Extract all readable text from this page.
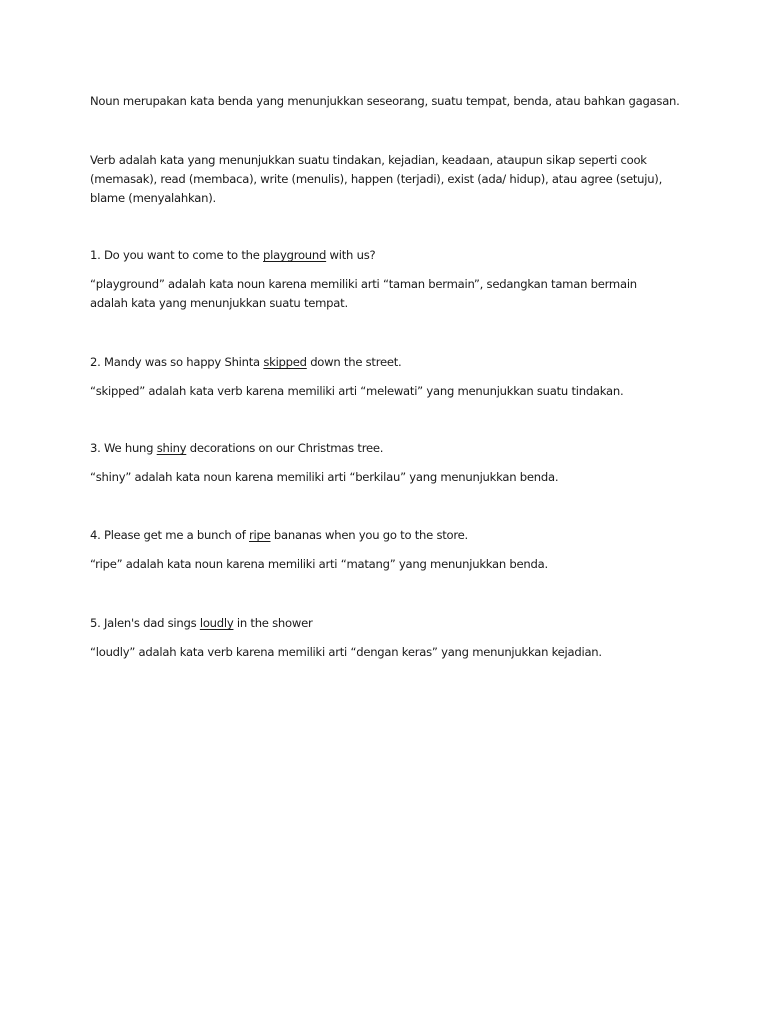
Noun merupakan kata benda yang menunjukkan seseorang, suatu tempat, benda, atau bahkan gagasan.

Verb adalah kata yang menunjukkan suatu tindakan, kejadian, keadaan, ataupun sikap seperti cook

(memasak), read (membaca), write (menulis), happen (terjadi), exist (ada/ hidup), atau agree (setuju),

blame (menyalahkan).

1. Do you want to come to the playground with us?

“playground” adalah kata noun karena memiliki arti “taman bermain”, sedangkan taman bermain

adalah kata yang menunjukkan suatu tempat.

2. Mandy was so happy Shinta skipped down the street.

“skipped” adalah kata verb karena memiliki arti “melewati” yang menunjukkan suatu tindakan.

3. We hung shiny decorations on our Christmas tree.

“shiny” adalah kata noun karena memiliki arti “berkilau” yang menunjukkan benda.

4. Please get me a bunch of ripe bananas when you go to the store.

“ripe” adalah kata noun karena memiliki arti “matang” yang menunjukkan benda.

5. Jalen's dad sings loudly in the shower

“loudly” adalah kata verb karena memiliki arti “dengan keras” yang menunjukkan kejadian.
